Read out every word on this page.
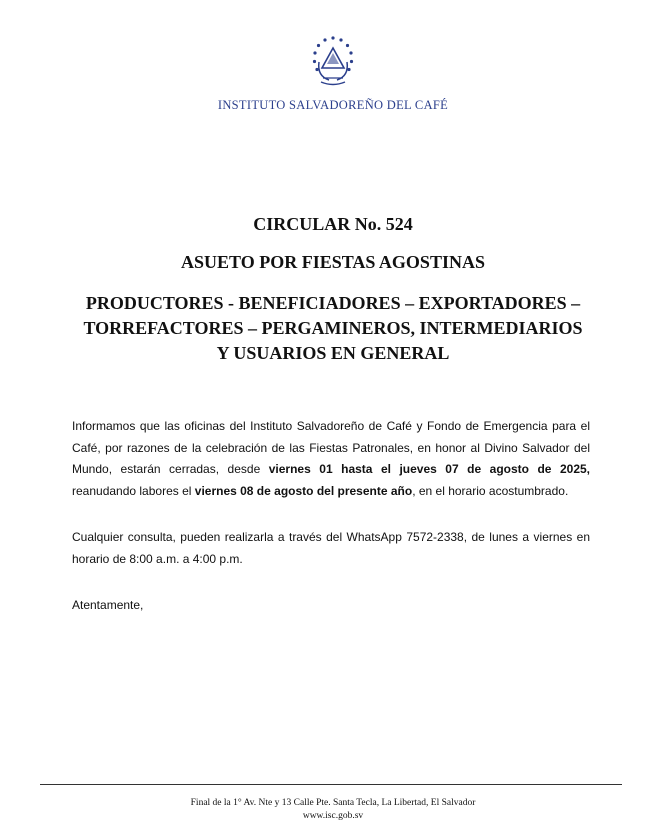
INSTITUTO SALVADOREÑO DEL CAFÉ
CIRCULAR No. 524
ASUETO POR FIESTAS AGOSTINAS
PRODUCTORES - BENEFICIADORES – EXPORTADORES –
TORREFACTORES – PERGAMINEROS, INTERMEDIARIOS
Y USUARIOS EN GENERAL
Informamos que las oficinas del Instituto Salvadoreño de Café y Fondo de Emergencia para el Café, por razones de la celebración de las Fiestas Patronales, en honor al Divino Salvador del Mundo, estarán cerradas, desde viernes 01 hasta el jueves 07 de agosto de 2025, reanudando labores el viernes 08 de agosto del presente año, en el horario acostumbrado.
Cualquier consulta, pueden realizarla a través del WhatsApp 7572-2338, de lunes a viernes en horario de 8:00 a.m. a 4:00 p.m.
Atentamente,
Final de la 1° Av. Nte y 13 Calle Pte. Santa Tecla, La Libertad, El Salvador
www.isc.gob.sv
